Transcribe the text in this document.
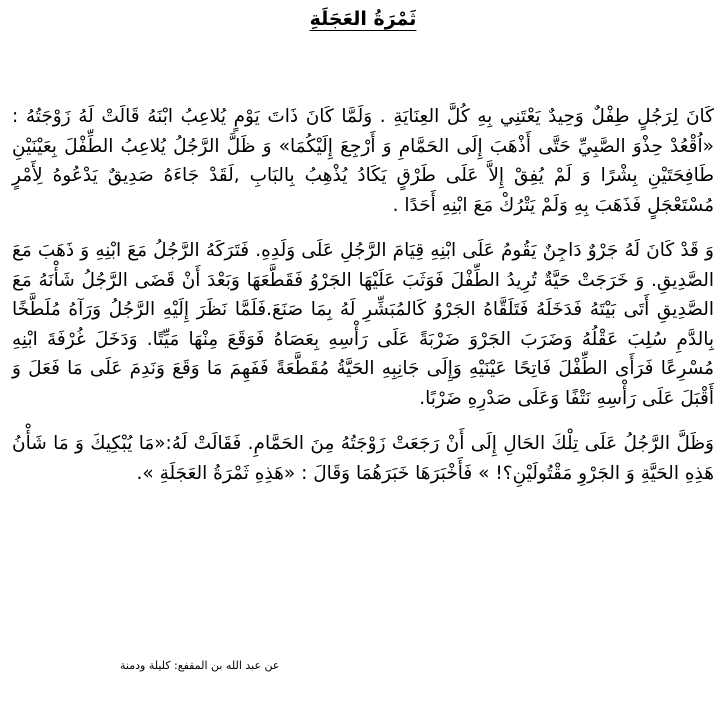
ثَمْرَةُ العَجَلَةِ

كَانَ لِرَجُلٍ طِفْلٌ وَحِيدٌ يَعْتَنِي بِهِ كُلَّ العِنَايَةِ . وَلَمَّا كَانَ ذَاتَ يَوْمٍ يُلاعِبُ ابْنَهُ قَالَتْ لَهُ زَوْجَتُهُ : «اُقْعُدْ حِذْوَ الصَّبِيِّ حَتَّى أَذْهَبَ إِلَى الحَمَّامِ وَ أَرْجِعَ إِلَيْكُمَا» وَ ظَلَّ الرَّجُلُ يُلاعِبُ الطِّفْلَ بِعَيْنَيْنِ طَافِحَتَيْنِ بِشْرًا وَ لَمْ يُفِقْ إِلاَّ عَلَى طَرْقٍ يَكَادُ يُذْهِبُ بِالبَابِ ,لَقَدْ جَاءَهُ صَدِيقٌ يَدْعُوهُ لِأَمْرٍ مُسْتَعْجَلٍ فَذَهَبَ بِهِ وَلَمْ يَتْرُكْ مَعَ ابْنِهِ أَحَدًا .

وَ قَدْ كَانَ لَهُ جَرْوٌ دَاجِنٌ يَقُومُ عَلَى ابْنِهِ قِيَامَ الرَّجُلِ عَلَى وَلَدِهِ. فَتَرَكَهُ الرَّجُلُ مَعَ ابْنِهِ وَ ذَهَبَ مَعَ الصَّدِيقِ. وَ خَرَجَتْ حَيَّةٌ تُرِيدُ الطِّفْلَ فَوَثَبَ عَلَيْهَا الجَرْوُ فَقَطَّعَهَا وَبَعْدَ أَنْ قَضَى الرَّجُلُ شَأْنَهُ مَعَ الصَّدِيقِ أَتَى بَيْتَهُ فَدَخَلَهُ فَتَلَقَّاهُ الجَرْوُ كَالمُبَشِّرِ لَهُ بِمَا صَنَعَ.فَلَمَّا نَظَرَ إِلَيْهِ الرَّجُلُ وَرَآهُ مُلَطَّخًا بِالدَّمِ سُلِبَ عَقْلُهُ وَضَرَبَ الجَرْوَ ضَرْبَةً عَلَى رَأْسِهِ بِعَصَاهُ فَوَقَعَ مِنْهَا مَيِّتًا. وَدَخَلَ غُرْفَةَ ابْنِهِ مُسْرِعًا فَرَأَى الطِّفْلَ فَاتِحًا عَيْنَيْهِ وَإِلَى جَانِبِهِ الحَيَّةُ مُقَطَّعَةً فَفَهِمَ مَا وَقَعَ وَنَدِمَ عَلَى مَا فَعَلَ وَ أَقْبَلَ عَلَى رَأْسِهِ نَتْفًا وَعَلَى صَدْرِهِ ضَرْبًا.

وَظَلَّ الرَّجُلُ عَلَى تِلْكَ الحَالِ إِلَى أَنْ رَجَعَتْ زَوْجَتُهُ مِنَ الحَمَّامِ. فَقَالَتْ لَهُ:«مَا يُبْكِيكَ وَ مَا شَأْنُ هَذِهِ الحَيَّةِ وَ الجَرْوِ مَقْتُولَيْنِ؟! » فَأَخْبَرَهَا خَبَرَهُمَا وَقَالَ : «هَذِهِ ثَمْرَةُ العَجَلَةِ ».

عن عبد الله بن المقفع: كليلة ودمنة
